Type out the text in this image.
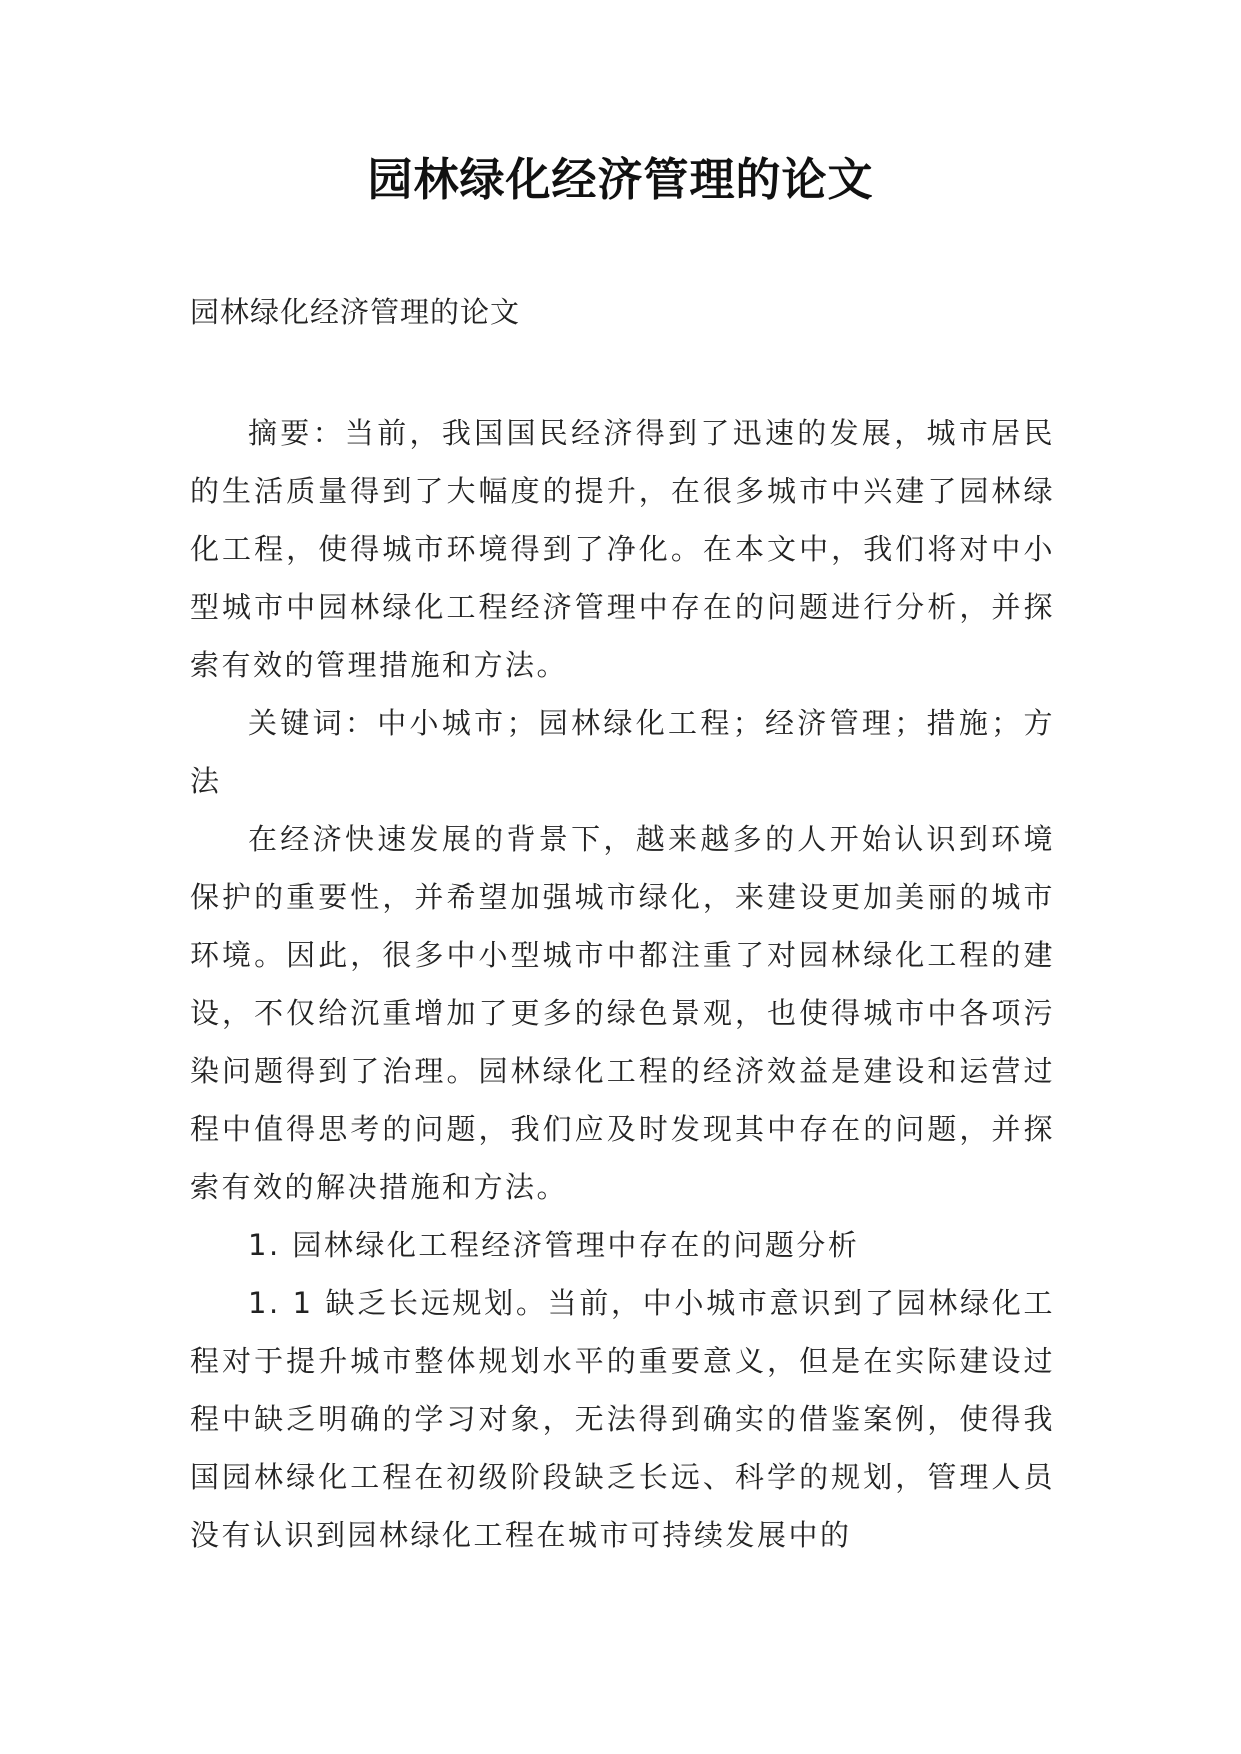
园林绿化经济管理的论文
园林绿化经济管理的论文

摘要：当前，我国国民经济得到了迅速的发展，城市居民的生活质量得到了大幅度的提升，在很多城市中兴建了园林绿化工程，使得城市环境得到了净化。在本文中，我们将对中小型城市中园林绿化工程经济管理中存在的问题进行分析，并探索有效的管理措施和方法。

关键词：中小城市；园林绿化工程；经济管理；措施；方法

在经济快速发展的背景下，越来越多的人开始认识到环境保护的重要性，并希望加强城市绿化，来建设更加美丽的城市环境。因此，很多中小型城市中都注重了对园林绿化工程的建设，不仅给沉重增加了更多的绿色景观，也使得城市中各项污染问题得到了治理。园林绿化工程的经济效益是建设和运营过程中值得思考的问题，我们应及时发现其中存在的问题，并探索有效的解决措施和方法。

1. 园林绿化工程经济管理中存在的问题分析

1. 1 缺乏长远规划。当前，中小城市意识到了园林绿化工程对于提升城市整体规划水平的重要意义，但是在实际建设过程中缺乏明确的学习对象，无法得到确实的借鉴案例，使得我国园林绿化工程在初级阶段缺乏长远、科学的规划，管理人员没有认识到园林绿化工程在城市可持续发展中的
